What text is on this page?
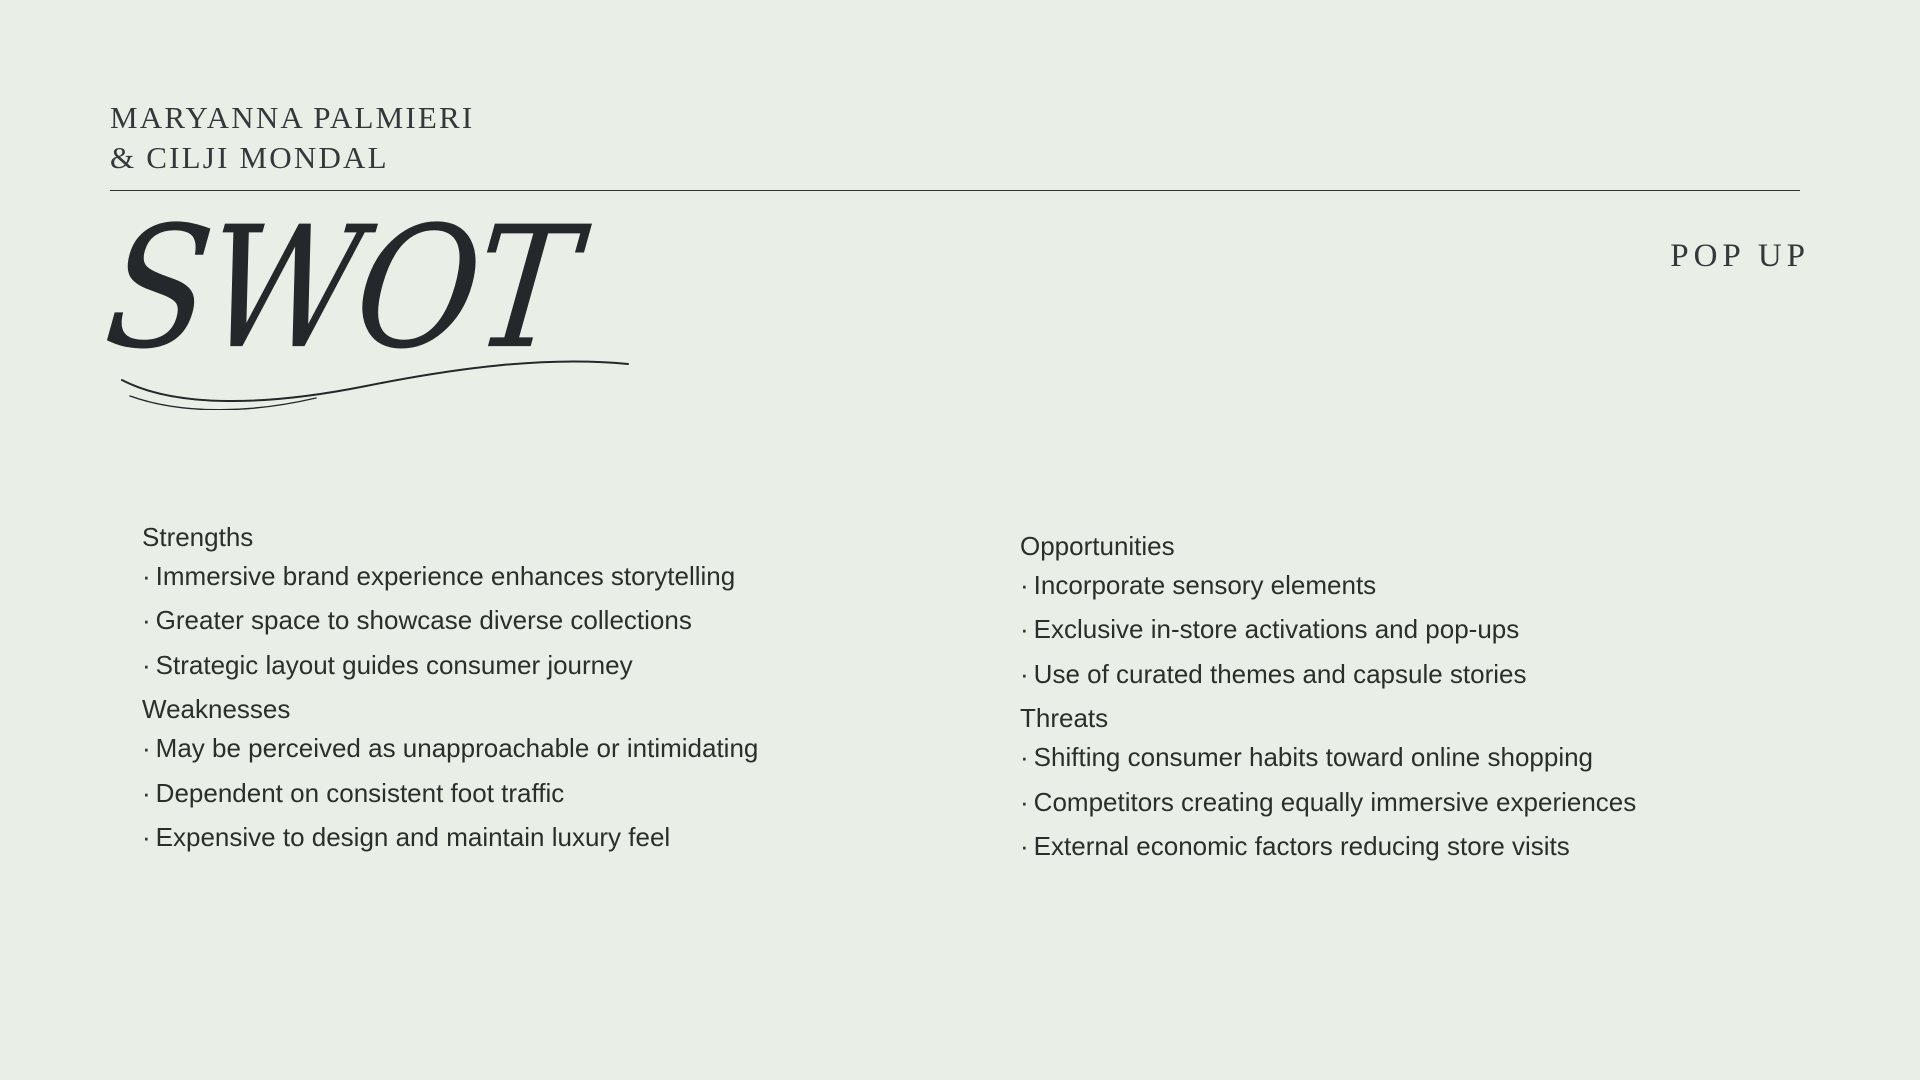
MARYANNA PALMIERI
& CILJI MONDAL
POP UP
SWOT
Strengths
· Immersive brand experience enhances storytelling
· Greater space to showcase diverse collections
· Strategic layout guides consumer journey
Weaknesses
· May be perceived as unapproachable or intimidating
· Dependent on consistent foot traffic
· Expensive to design and maintain luxury feel
Opportunities
· Incorporate sensory elements
· Exclusive in-store activations and pop-ups
· Use of curated themes and capsule stories
Threats
· Shifting consumer habits toward online shopping
· Competitors creating equally immersive experiences
· External economic factors reducing store visits
